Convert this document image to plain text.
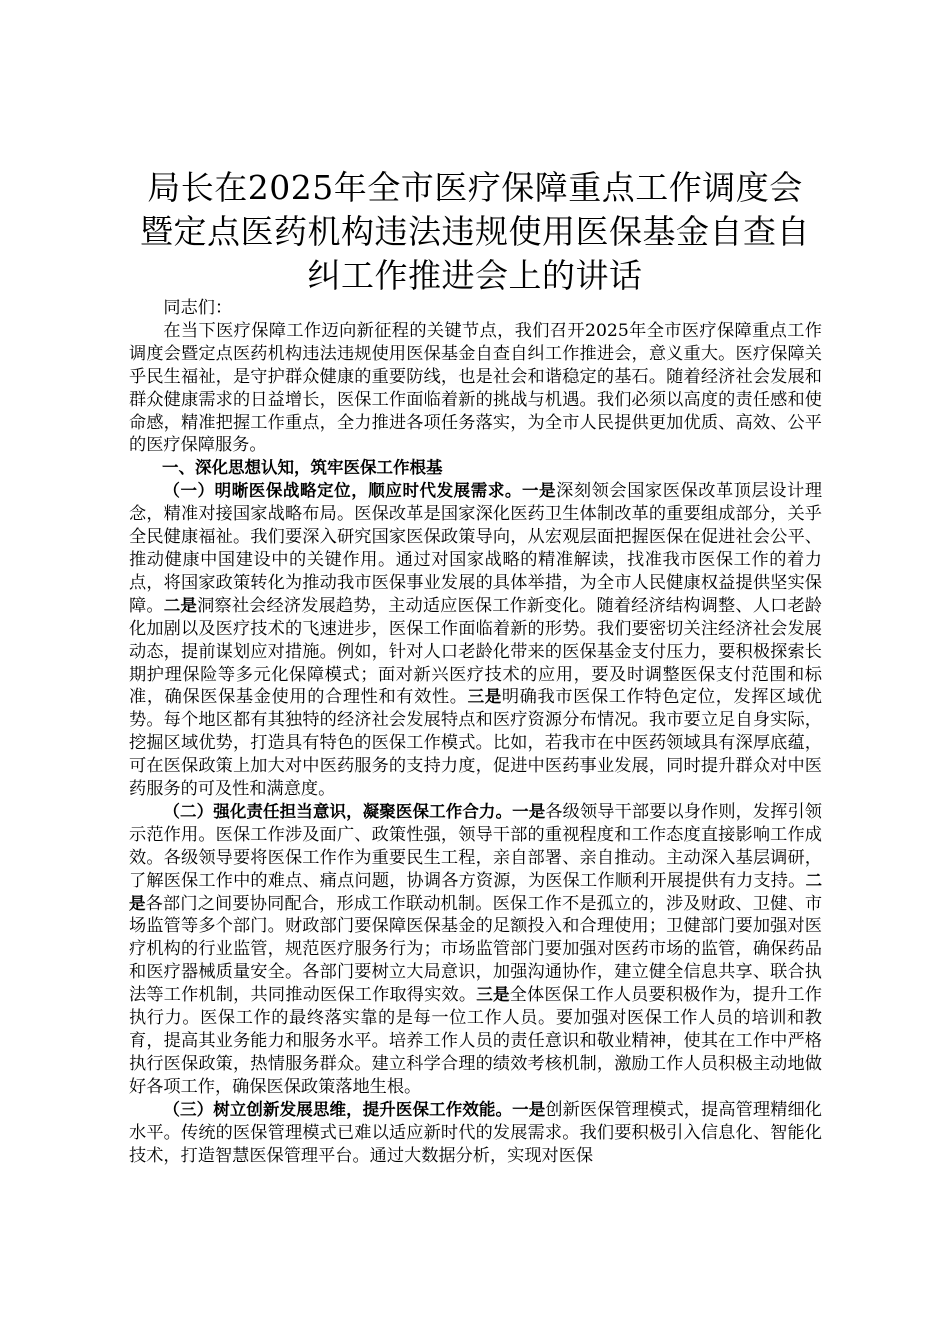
局长在2025年全市医疗保障重点工作调度会
暨定点医药机构违法违规使用医保基金自查自
纠工作推进会上的讲话

同志们：

在当下医疗保障工作迈向新征程的关键节点，我们召开2025年全市医疗保障重点工作调度会暨定点医药机构违法违规使用医保基金自查自纠工作推进会，意义重大。医疗保障关乎民生福祉，是守护群众健康的重要防线，也是社会和谐稳定的基石。随着经济社会发展和群众健康需求的日益增长，医保工作面临着新的挑战与机遇。我们必须以高度的责任感和使命感，精准把握工作重点，全力推进各项任务落实，为全市人民提供更加优质、高效、公平的医疗保障服务。

一、深化思想认知，筑牢医保工作根基

（一）明晰医保战略定位，顺应时代发展需求。一是深刻领会国家医保改革顶层设计理念，精准对接国家战略布局。医保改革是国家深化医药卫生体制改革的重要组成部分，关乎全民健康福祉。我们要深入研究国家医保政策导向，从宏观层面把握医保在促进社会公平、推动健康中国建设中的关键作用。通过对国家战略的精准解读，找准我市医保工作的着力点，将国家政策转化为推动我市医保事业发展的具体举措，为全市人民健康权益提供坚实保障。二是洞察社会经济发展趋势，主动适应医保工作新变化。随着经济结构调整、人口老龄化加剧以及医疗技术的飞速进步，医保工作面临着新的形势。我们要密切关注经济社会发展动态，提前谋划应对措施。例如，针对人口老龄化带来的医保基金支付压力，要积极探索长期护理保险等多元化保障模式；面对新兴医疗技术的应用，要及时调整医保支付范围和标准，确保医保基金使用的合理性和有效性。三是明确我市医保工作特色定位，发挥区域优势。每个地区都有其独特的经济社会发展特点和医疗资源分布情况。我市要立足自身实际，挖掘区域优势，打造具有特色的医保工作模式。比如，若我市在中医药领域具有深厚底蕴，可在医保政策上加大对中医药服务的支持力度，促进中医药事业发展，同时提升群众对中医药服务的可及性和满意度。

（二）强化责任担当意识，凝聚医保工作合力。一是各级领导干部要以身作则，发挥引领示范作用。医保工作涉及面广、政策性强，领导干部的重视程度和工作态度直接影响工作成效。各级领导要将医保工作作为重要民生工程，亲自部署、亲自推动。主动深入基层调研，了解医保工作中的难点、痛点问题，协调各方资源，为医保工作顺利开展提供有力支持。二是各部门之间要协同配合，形成工作联动机制。医保工作不是孤立的，涉及财政、卫健、市场监管等多个部门。财政部门要保障医保基金的足额投入和合理使用；卫健部门要加强对医疗机构的行业监管，规范医疗服务行为；市场监管部门要加强对医药市场的监管，确保药品和医疗器械质量安全。各部门要树立大局意识，加强沟通协作，建立健全信息共享、联合执法等工作机制，共同推动医保工作取得实效。三是全体医保工作人员要积极作为，提升工作执行力。医保工作的最终落实靠的是每一位工作人员。要加强对医保工作人员的培训和教育，提高其业务能力和服务水平。培养工作人员的责任意识和敬业精神，使其在工作中严格执行医保政策，热情服务群众。建立科学合理的绩效考核机制，激励工作人员积极主动地做好各项工作，确保医保政策落地生根。

（三）树立创新发展思维，提升医保工作效能。一是创新医保管理模式，提高管理精细化水平。传统的医保管理模式已难以适应新时代的发展需求。我们要积极引入信息化、智能化技术，打造智慧医保管理平台。通过大数据分析，实现对医保
